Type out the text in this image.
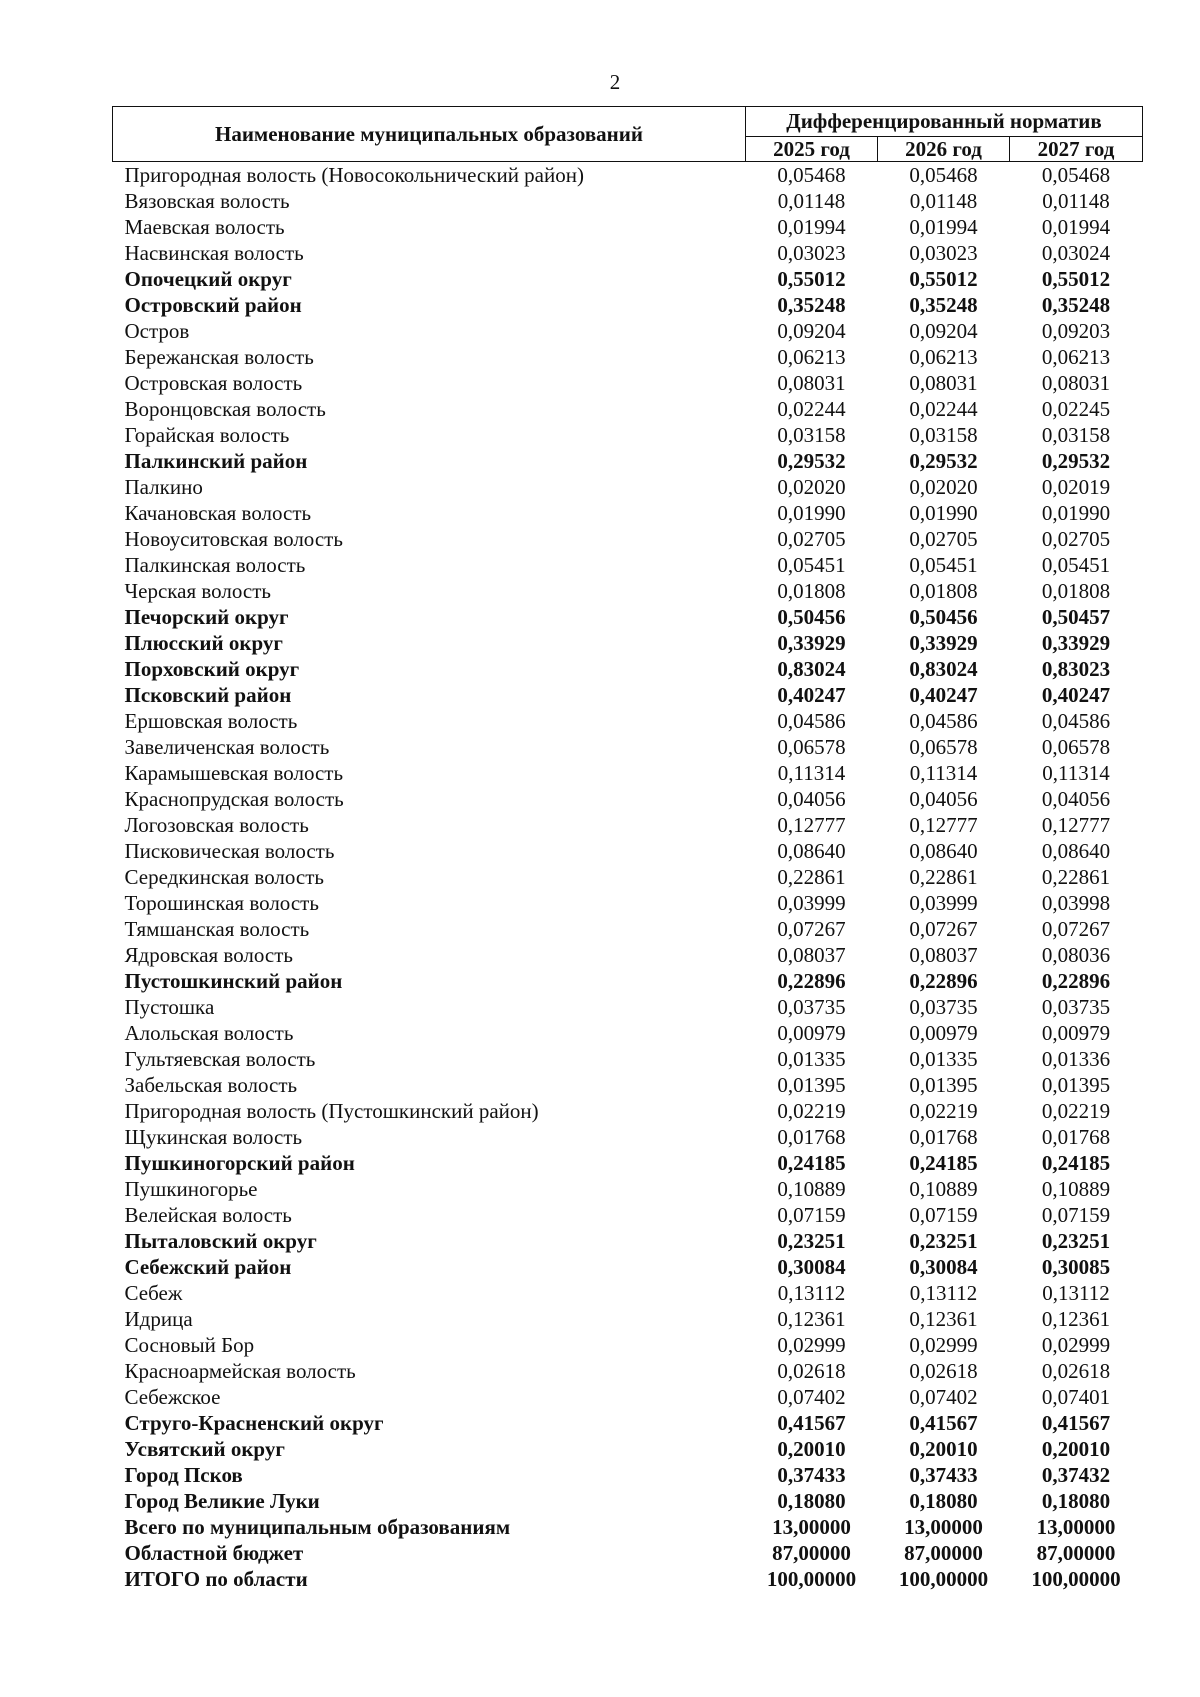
2
Наименование муниципальных образований	Дифференцированный норматив		
	2025 год	2026 год	2027 год
Пригородная волость (Новосокольнический район)	0,05468	0,05468	0,05468
Вязовская волость	0,01148	0,01148	0,01148
Маевская волость	0,01994	0,01994	0,01994
Насвинская волость	0,03023	0,03023	0,03024
Опочецкий округ	0,55012	0,55012	0,55012
Островский район	0,35248	0,35248	0,35248
Остров	0,09204	0,09204	0,09203
Бережанская волость	0,06213	0,06213	0,06213
Островская волость	0,08031	0,08031	0,08031
Воронцовская волость	0,02244	0,02244	0,02245
Горайская волость	0,03158	0,03158	0,03158
Палкинский район	0,29532	0,29532	0,29532
Палкино	0,02020	0,02020	0,02019
Качановская волость	0,01990	0,01990	0,01990
Новоуситовская волость	0,02705	0,02705	0,02705
Палкинская волость	0,05451	0,05451	0,05451
Черская волость	0,01808	0,01808	0,01808
Печорский округ	0,50456	0,50456	0,50457
Плюсский округ	0,33929	0,33929	0,33929
Порховский округ	0,83024	0,83024	0,83023
Псковский район	0,40247	0,40247	0,40247
Ершовская волость	0,04586	0,04586	0,04586
Завеличенская волость	0,06578	0,06578	0,06578
Карамышевская волость	0,11314	0,11314	0,11314
Краснопрудская волость	0,04056	0,04056	0,04056
Логозовская волость	0,12777	0,12777	0,12777
Писковическая волость	0,08640	0,08640	0,08640
Середкинская волость	0,22861	0,22861	0,22861
Торошинская волость	0,03999	0,03999	0,03998
Тямшанская волость	0,07267	0,07267	0,07267
Ядровская волость	0,08037	0,08037	0,08036
Пустошкинский район	0,22896	0,22896	0,22896
Пустошка	0,03735	0,03735	0,03735
Алольская волость	0,00979	0,00979	0,00979
Гультяевская волость	0,01335	0,01335	0,01336
Забельская волость	0,01395	0,01395	0,01395
Пригородная волость (Пустошкинский район)	0,02219	0,02219	0,02219
Щукинская волость	0,01768	0,01768	0,01768
Пушкиногорский район	0,24185	0,24185	0,24185
Пушкиногорье	0,10889	0,10889	0,10889
Велейская волость	0,07159	0,07159	0,07159
Пыталовский округ	0,23251	0,23251	0,23251
Себежский район	0,30084	0,30084	0,30085
Себеж	0,13112	0,13112	0,13112
Идрица	0,12361	0,12361	0,12361
Сосновый Бор	0,02999	0,02999	0,02999
Красноармейская волость	0,02618	0,02618	0,02618
Себежское	0,07402	0,07402	0,07401
Струго-Красненский округ	0,41567	0,41567	0,41567
Усвятский округ	0,20010	0,20010	0,20010
Город Псков	0,37433	0,37433	0,37432
Город Великие Луки	0,18080	0,18080	0,18080
Всего по муниципальным образованиям	13,00000	13,00000	13,00000
Областной бюджет	87,00000	87,00000	87,00000
ИТОГО по области	100,00000	100,00000	100,00000
